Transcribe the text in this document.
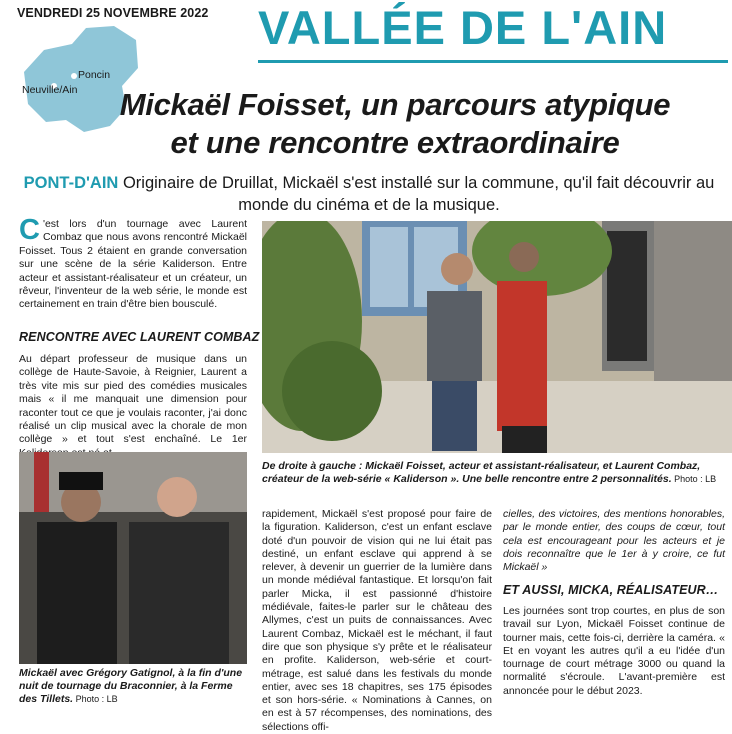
VENDREDI 25 NOVEMBRE 2022 VALLÉE DE L'AIN
Poncin
Neuville/Ain	Mickaël Foisset, un parcours atypique
et une rencontre extraordinaire
PONT-D'AIN Originaire de Druillat, Mickaël s'est installé sur la commune, qu'il fait découvrir au monde du cinéma et de la musique.
C 'est lors d'un tournage avec Laurent Combaz que nous avons rencontré Mickaël Foisset. Tous 2 étaient en grande conversation sur une scène de la série Kaliderson. Entre acteur et assistant-réalisateur et un créateur, un rêveur, l'inventeur de la web série, le monde est certainement en train d'être bien bousculé.
RENCONTRE AVEC LAURENT COMBAZ
Au départ professeur de musique dans un collège de Haute-Savoie, à Reignier, Laurent a très vite mis sur pied des comédies musicales mais « il me manquait une dimension pour raconter tout ce que je voulais raconter, j'ai donc réalisé un clip musical avec la chorale de mon collège » et tout s'est enchaîné. Le 1er
De droite à gauche : Mickaël Foisset, acteur et assistant-réalisateur, et Laurent Combaz, créateur de la web-série « Kaliderson ». Une belle rencontre entre 2 personnalités. Photo : LB
Mickaël avec Grégory Gatignol, à la fin d'une nuit de tournage du Braconnier, à la Ferme des Tillets. Photo : LB
rapidement, Mickaël s'est proposé pour faire de la figuration. Kaliderson, c'est un enfant esclave doté d'un pouvoir de vision qui ne lui était pas destiné, un enfant esclave qui apprend à se relever, à devenir un guerrier de la lumière dans un monde médiéval fantastique. Et lorsqu'on fait parler Micka, il est passionné d'histoire médiévale, faites-le parler sur le château des Allymes, c'est un puits de connaissances. Avec Laurent Combaz, Mickaël est le méchant, il faut dire que son physique s'y prête et le réalisateur en profite. Kaliderson, web-série et court-métrage, est salué dans les festivals du monde entier, avec ses 18 chapitres, ses 175 épisodes et son hors-série. « Nominations à Cannes, on en est à 57 récompenses, des nominations, des sélections offi-
cielles, des victoires, des mentions honorables, par le monde entier, des coups de cœur, tout cela est encourageant pour les acteurs et je dois reconnaître que le 1er à y croire, ce fut Mickaël »
ET AUSSI, MICKA, RÉALISATEUR…
Les journées sont trop courtes, en plus de son travail sur Lyon, Mickaël Foisset continue de tourner mais, cette fois-ci, derrière la caméra. « Et en voyant les autres qu'il a eu l'idée d'un tournage de court métrage 3000 ou quand la normalité s'écroule. L'avant-première est annoncée pour le début 2023.
